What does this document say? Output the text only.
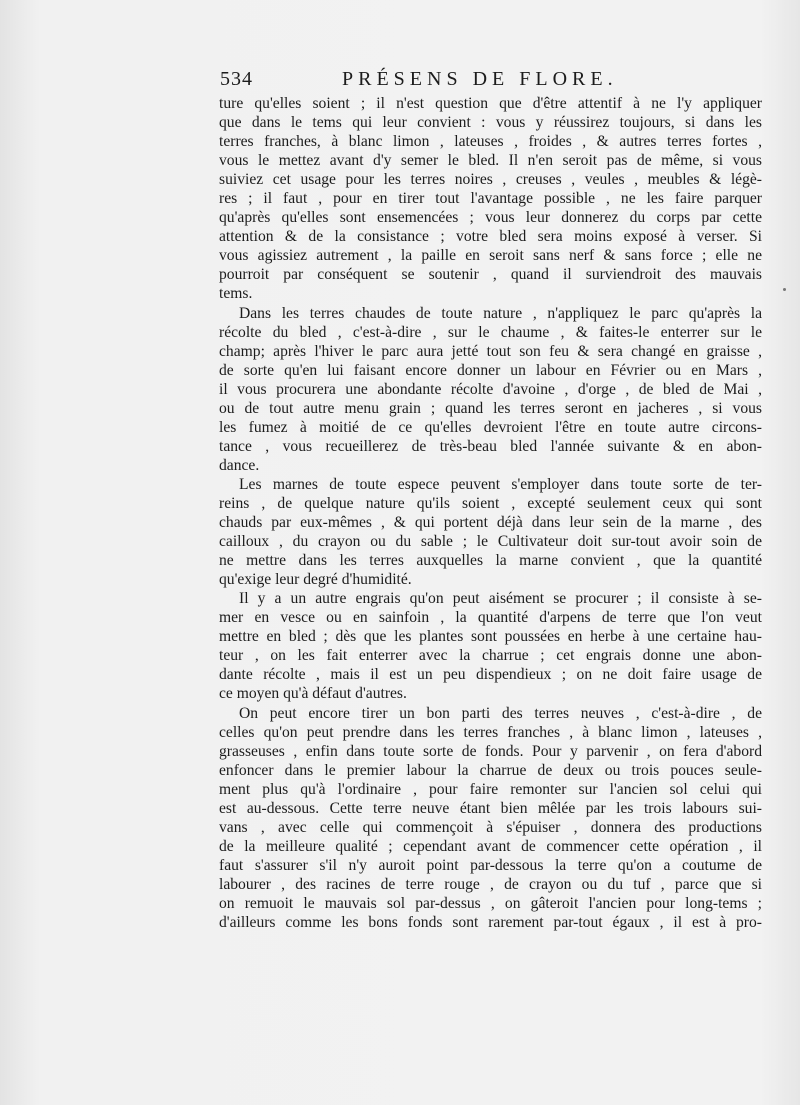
534	PRÉSENS DE FLORE.
ture qu'elles soient ; il n'est question que d'être attentif à ne l'y appliquer
que dans le tems qui leur convient : vous y réussirez toujours, si dans les
terres franches, à blanc limon , lateuses , froides , & autres terres fortes ,
vous le mettez avant d'y semer le bled. Il n'en seroit pas de même, si vous
suiviez cet usage pour les terres noires , creuses , veules , meubles & légè-
res ; il faut , pour en tirer tout l'avantage possible , ne les faire parquer
qu'après qu'elles sont ensemencées ; vous leur donnerez du corps par cette
attention & de la consistance ; votre bled sera moins exposé à verser. Si
vous agissiez autrement , la paille en seroit sans nerf & sans force ; elle ne
pourroit par conséquent se soutenir , quand il surviendroit des mauvais
tems.
Dans les terres chaudes de toute nature , n'appliquez le parc qu'après la
récolte du bled , c'est-à-dire , sur le chaume , & faites-le enterrer sur le
champ; après l'hiver le parc aura jetté tout son feu & sera changé en graisse ,
de sorte qu'en lui faisant encore donner un labour en Février ou en Mars ,
il vous procurera une abondante récolte d'avoine , d'orge , de bled de Mai ,
ou de tout autre menu grain ; quand les terres seront en jacheres , si vous
les fumez à moitié de ce qu'elles devroient l'être en toute autre circons-
tance , vous recueillerez de très-beau bled l'année suivante & en abon-
dance.
Les marnes de toute espece peuvent s'employer dans toute sorte de ter-
reins , de quelque nature qu'ils soient , excepté seulement ceux qui sont
chauds par eux-mêmes , & qui portent déjà dans leur sein de la marne , des
cailloux , du crayon ou du sable ; le Cultivateur doit sur-tout avoir soin de
ne mettre dans les terres auxquelles la marne convient , que la quantité
qu'exige leur degré d'humidité.
Il y a un autre engrais qu'on peut aisément se procurer ; il consiste à se-
mer en vesce ou en sainfoin , la quantité d'arpens de terre que l'on veut
mettre en bled ; dès que les plantes sont poussées en herbe à une certaine hau-
teur , on les fait enterrer avec la charrue ; cet engrais donne une abon-
dante récolte , mais il est un peu dispendieux ; on ne doit faire usage de
ce moyen qu'à défaut d'autres.
On peut encore tirer un bon parti des terres neuves , c'est-à-dire , de
celles qu'on peut prendre dans les terres franches , à blanc limon , lateuses ,
grasseuses , enfin dans toute sorte de fonds. Pour y parvenir , on fera d'abord
enfoncer dans le premier labour la charrue de deux ou trois pouces seule-
ment plus qu'à l'ordinaire , pour faire remonter sur l'ancien sol celui qui
est au-dessous. Cette terre neuve étant bien mêlée par les trois labours sui-
vans , avec celle qui commençoit à s'épuiser , donnera des productions
de la meilleure qualité ; cependant avant de commencer cette opération , il
faut s'assurer s'il n'y auroit point par-dessous la terre qu'on a coutume de
labourer , des racines de terre rouge , de crayon ou du tuf , parce que si
on remuoit le mauvais sol par-dessus , on gâteroit l'ancien pour long-tems ;
d'ailleurs comme les bons fonds sont rarement par-tout égaux , il est à pro-
